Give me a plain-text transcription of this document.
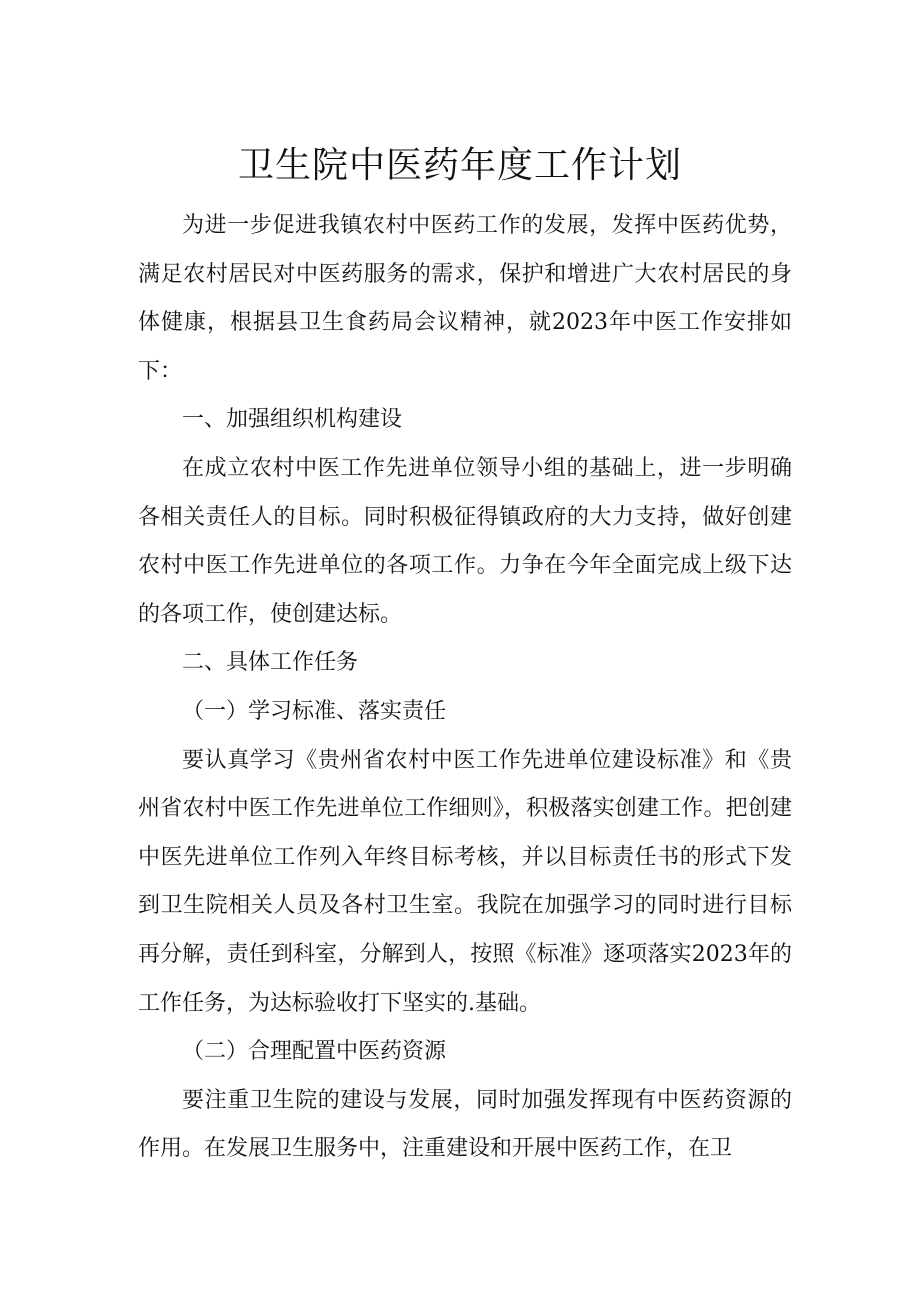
卫生院中医药年度工作计划

为进一步促进我镇农村中医药工作的发展，发挥中医药优势，满足农村居民对中医药服务的需求，保护和增进广大农村居民的身体健康，根据县卫生食药局会议精神，就2023年中医工作安排如下：

一、加强组织机构建设

在成立农村中医工作先进单位领导小组的基础上，进一步明确各相关责任人的目标。同时积极征得镇政府的大力支持，做好创建农村中医工作先进单位的各项工作。力争在今年全面完成上级下达的各项工作，使创建达标。

二、具体工作任务

（一）学习标准、落实责任

要认真学习《贵州省农村中医工作先进单位建设标准》和《贵州省农村中医工作先进单位工作细则》，积极落实创建工作。把创建中医先进单位工作列入年终目标考核，并以目标责任书的形式下发到卫生院相关人员及各村卫生室。我院在加强学习的同时进行目标再分解，责任到科室，分解到人，按照《标准》逐项落实2023年的工作任务，为达标验收打下坚实的.基础。

（二）合理配置中医药资源

要注重卫生院的建设与发展，同时加强发挥现有中医药资源的作用。在发展卫生服务中，注重建设和开展中医药工作，在卫
